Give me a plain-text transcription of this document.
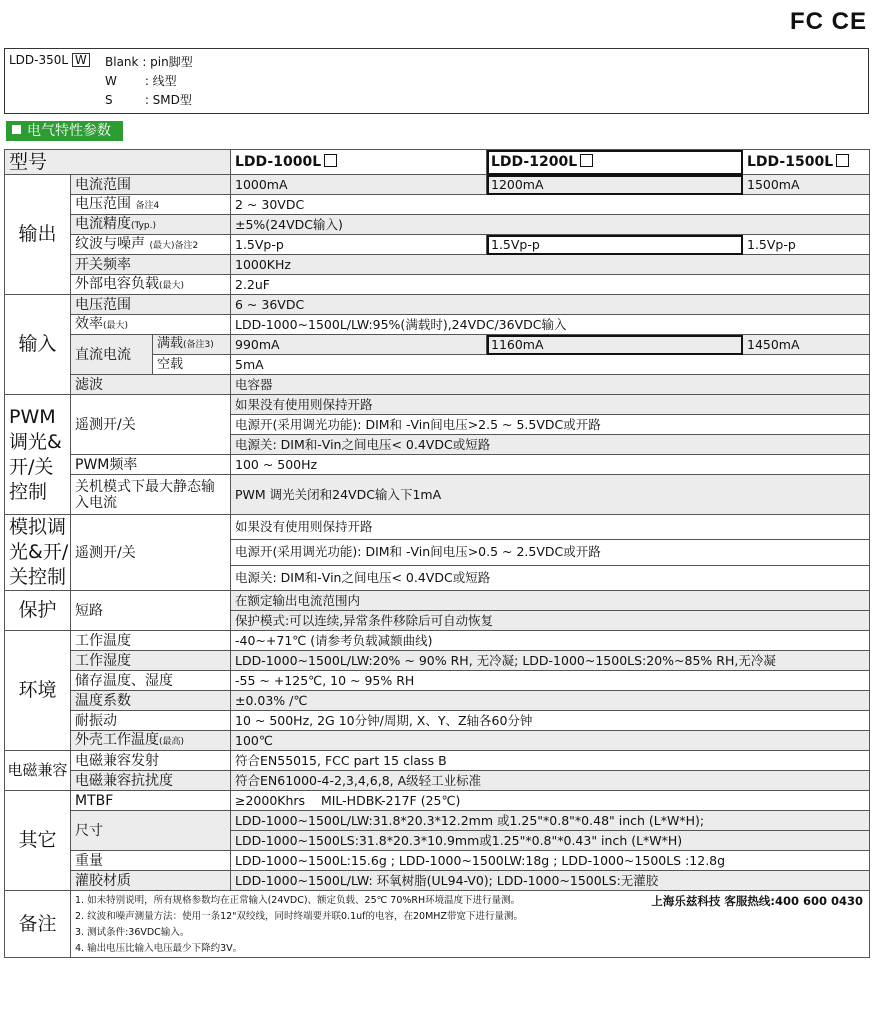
FC CE
LDD-350L W Blank : pin脚型
W : 线型
S	: SMD型
电气特性参数
型号			LDD-1000L	LDD-1200L	LDD-1500L
输出	电流范围		1000mA	1200mA	1500mA
	电压范围 备注4		2 ~ 30VDC		
	电流精度(Typ.)		±5%(24VDC输入)		
	纹波与噪声 (最大)备注2		1.5Vp-p	1.5Vp-p	1.5Vp-p
	开关频率		1000KHz		
	外部电容负载(最大)		2.2uF		
输入	电压范围		6 ~ 36VDC		
	效率(最大)		LDD-1000~1500L/LW:95%(满载时),24VDC/36VDC输入		
	直流电流	满载(备注3)	990mA	1160mA	1450mA
		空载	5mA		
	滤波		电容器		
PWM调光&开/关控制	遥测开/关		如果没有使用则保持开路		
			电源开(采用调光功能): DIM和 -Vin间电压>2.5 ~ 5.5VDC或开路		
			电源关: DIM和-Vin之间电压< 0.4VDC或短路		
	PWM频率		100 ~ 500Hz		
	关机模式下最大静态输入电流		PWM 调光关闭和24VDC输入下1mA		
模拟调光&开/关控制	遥测开/关		如果没有使用则保持开路		
			电源开(采用调光功能): DIM和 -Vin间电压>0.5 ~ 2.5VDC或开路		
			电源关: DIM和-Vin之间电压< 0.4VDC或短路		
保护	短路		在额定输出电流范围内		
			保护模式:可以连续,异常条件移除后可自动恢复		
环境	工作温度		-40~+71℃ (请参考负载减额曲线)		
	工作湿度		LDD-1000~1500L/LW:20% ~ 90% RH, 无冷凝; LDD-1000~1500LS:20%~85% RH,无冷凝		
	储存温度、湿度		-55 ~ +125℃, 10 ~ 95% RH		
	温度系数		±0.03% /℃		
	耐振动		10 ~ 500Hz, 2G 10分钟/周期, X、Y、Z轴各60分钟		
	外壳工作温度(最高)		100℃		
电磁兼容	电磁兼容发射		符合EN55015, FCC part 15 class B		
	电磁兼容抗扰度		符合EN61000-4-2,3,4,6,8, A级轻工业标准		
其它	MTBF		≥2000Khrs    MIL-HDBK-217F (25℃)		
	尺寸		LDD-1000~1500L/LW:31.8*20.3*12.2mm 或1.25"*0.8"*0.48" inch (L*W*H);		
			LDD-1000~1500LS:31.8*20.3*10.9mm或1.25"*0.8"*0.43" inch (L*W*H)		
	重量		LDD-1000~1500L:15.6g ; LDD-1000~1500LW:18g ; LDD-1000~1500LS :12.8g		
	灌胶材质		LDD-1000~1500L/LW: 环氧树脂(UL94-V0); LDD-1000~1500LS:无灌胶		
备注	1. 如未特别说明，所有规格参数均在正常输入(24VDC)、额定负载、25℃ 70%RH环境温度下进行量测。
2. 纹波和噪声测量方法：使用一条12"双绞线，同时终端要并联0.1uf的电容，在20MHZ带宽下进行量测。
3. 测试条件:36VDC输入。
4. 输出电压比输入电压最少下降约3V。
上海乐兹科技 客服热线:400 600 0430				
